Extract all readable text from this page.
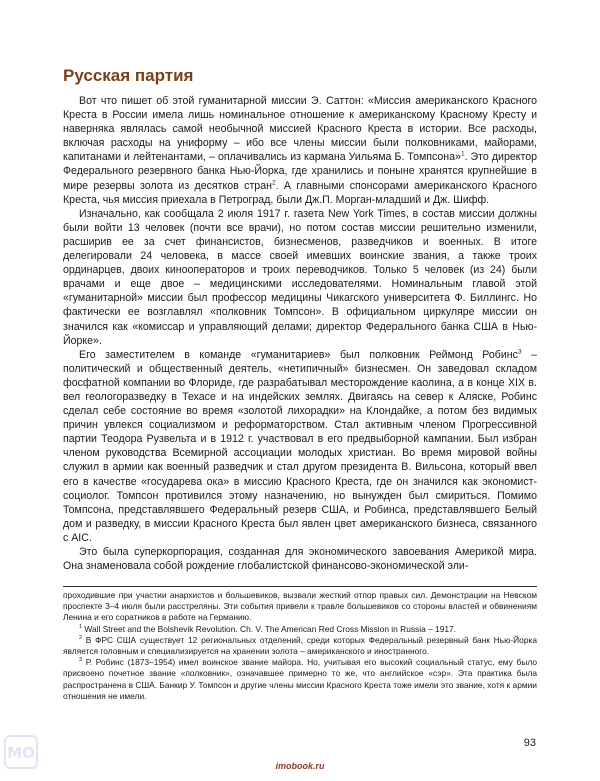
Русская партия

Вот что пишет об этой гуманитарной миссии Э. Саттон: «Миссия американского Красного Креста в России имела лишь номинальное отношение к американскому Красному Кресту и наверняка являлась самой необычной миссией Красного Креста в истории. Все расходы, включая расходы на униформу – ибо все члены миссии были полковниками, майорами, капитанами и лейтенантами, – оплачивались из кармана Уильяма Б. Томпсона»$^1$. Это директор Федерального резервного банка Нью-Йорка, где хранились и поныне хранятся крупнейшие в мире резервы золота из десятков стран$^2$. А главными спонсорами американского Красного Креста, чья миссия приехала в Петроград, были Дж.П. Морган-младший и Дж. Шифф.

Изначально, как сообщала 2 июля 1917 г. газета New York Times, в состав миссии должны были войти 13 человек (почти все врачи), но потом состав миссии решительно изменили, расширив ее за счет финансистов, бизнесменов, разведчиков и военных. В итоге делегировали 24 человека, в массе своей имевших воинские звания, а также троих ординарцев, двоих кинооператоров и троих переводчиков. Только 5 человек (из 24) были врачами и еще двое – медицинскими исследователями. Номинальным главой этой «гуманитарной» миссии был профессор медицины Чикагского университета Ф. Биллингс. Но фактически ее возглавлял «полковник Томпсон». В официальном циркуляре миссии он значился как «комиссар и управляющий делами; директор Федерального банка США в Нью-Йорке».

Его заместителем в команде «гуманитариев» был полковник Реймонд Робинс$^3$ – политический и общественный деятель, «нетипичный» бизнесмен. Он заведовал складом фосфатной компании во Флориде, где разрабатывал месторождение каолина, а в конце XIX в. вел геологоразведку в Техасе и на индейских землях. Двигаясь на север к Аляске, Робинс сделал себе состояние во время «золотой лихорадки» на Клондайке, а потом без видимых причин увлекся социализмом и реформаторством. Стал активным членом Прогрессивной партии Теодора Рузвельта и в 1912 г. участвовал в его предвыборной кампании. Был избран членом руководства Всемирной ассоциации молодых христиан. Во время мировой войны служил в армии как военный разведчик и стал другом президента В. Вильсона, который ввел его в качестве «государева ока» в миссию Красного Креста, где он значился как экономист-социолог. Томпсон противился этому назначению, но вынужден был смириться. Помимо Томпсона, представлявшего Федеральный резерв США, и Робинса, представлявшего Белый дом и разведку, в миссии Красного Креста был явлен цвет американского бизнеса, связанного с AIC.

Это была суперкорпорация, созданная для экономического завоевания Америкой мира. Она знаменовала собой рождение глобалистской финансово-экономической эли-

проходившие при участии анархистов и большевиков, вызвали жесткий отпор правых сил. Демонстрации на Невском проспекте 3–4 июля были расстреляны. Эти события привели к травле большевиков со стороны властей и обвинениям Ленина и его соратников в работе на Германию.

$^1$ Wall Street and the Bolshevik Revolution. Ch. V. The American Red Cross Mission in Russia – 1917.

$^2$ В ФРС США существует 12 региональных отделений, среди которых Федеральный резервный банк Нью-Йорка является головным и специализируется на хранении золота – американского и иностранного.

$^3$ Р. Робинс (1873–1954) имел воинское звание майора. Но, учитывая его высокий социальный статус, ему было присвоено почетное звание «полковник», означавшее примерно то же, что английское «сэр». Эта практика была распространена в США. Банкир У. Томпсон и другие члены миссии Красного Креста тоже имели это звание, хотя к армии отношения не имели.

93
imobook.ru
MO
